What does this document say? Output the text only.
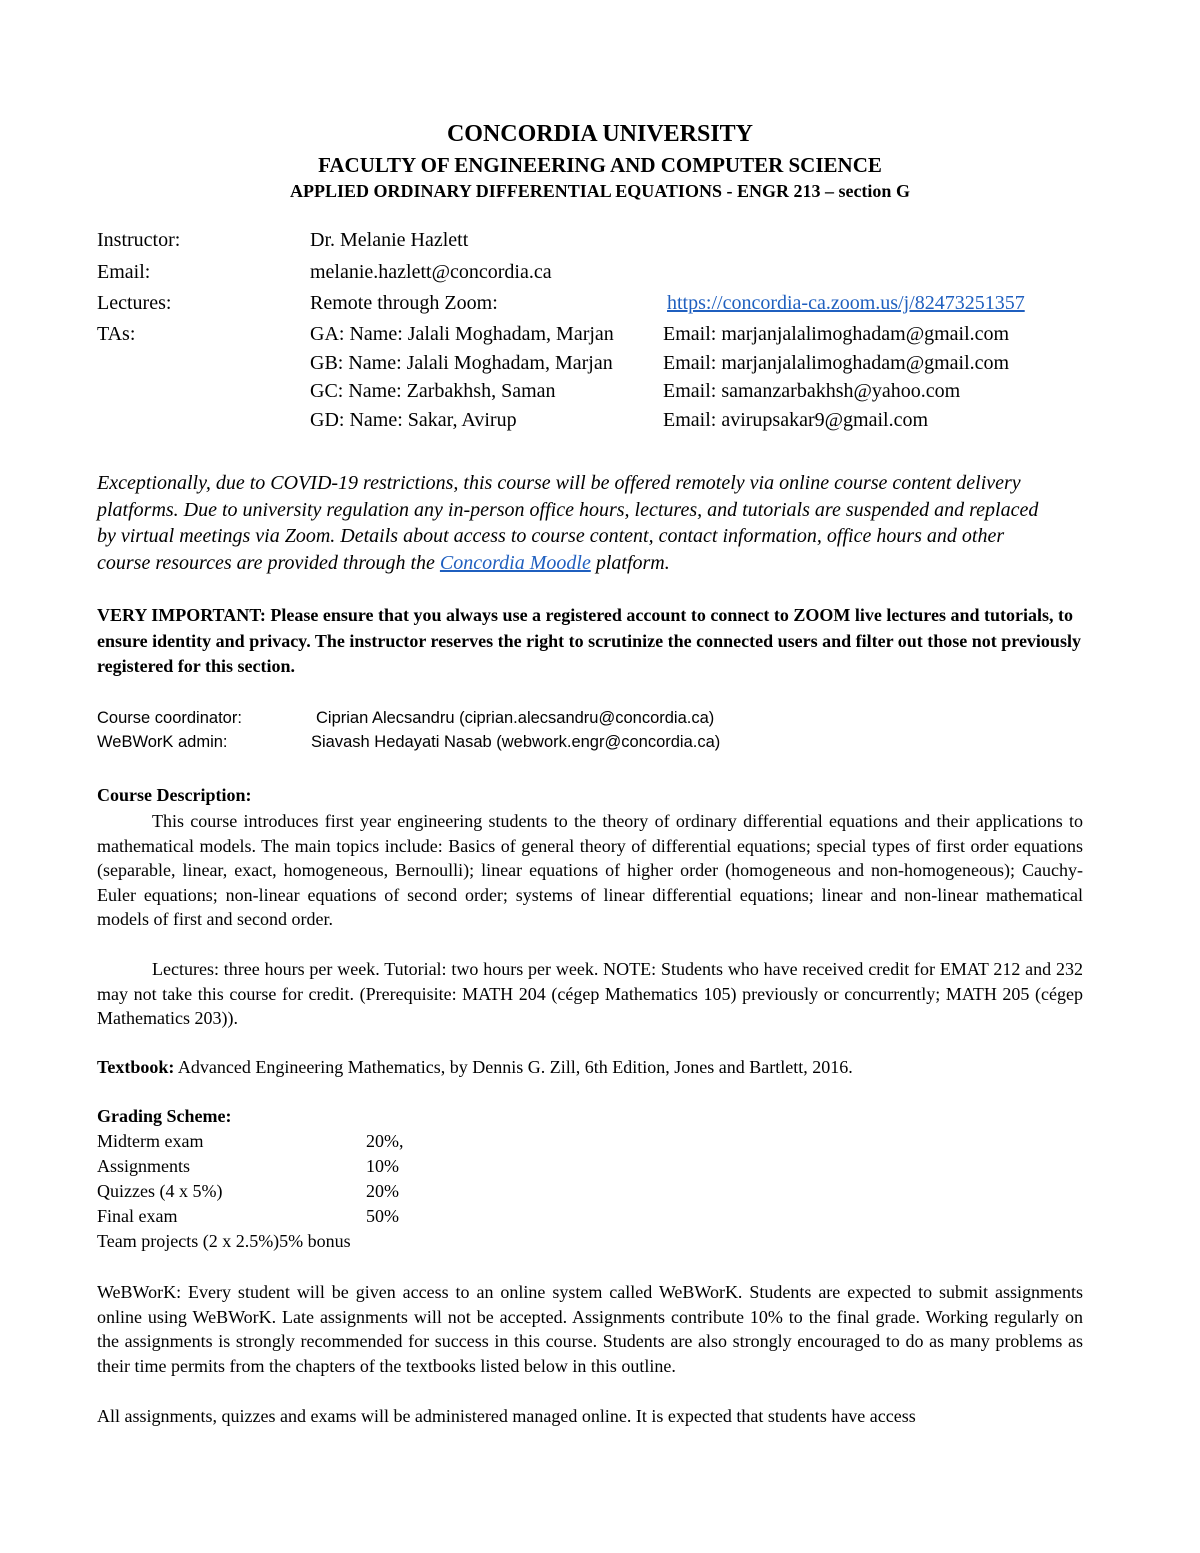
CONCORDIA UNIVERSITY
FACULTY OF ENGINEERING AND COMPUTER SCIENCE
APPLIED ORDINARY DIFFERENTIAL EQUATIONS - ENGR 213 – section G
Instructor:	Dr. Melanie Hazlett
Email:	melanie.hazlett@concordia.ca
Lectures:	Remote through Zoom:	https://concordia-ca.zoom.us/j/82473251357
TAs:	GA: Name: Jalali Moghadam, Marjan Email: marjanjalalimoghadam@gmail.com
GB: Name: Jalali Moghadam, Marjan	Email: marjanjalalimoghadam@gmail.com
GC: Name: Zarbakhsh, Saman	Email: samanzarbakhsh@yahoo.com
GD: Name: Sakar, Avirup	Email: avirupsakar9@gmail.com
Exceptionally, due to COVID-19 restrictions, this course will be offered remotely via online course content delivery platforms. Due to university regulation any in-person office hours, lectures, and tutorials are suspended and replaced by virtual meetings via Zoom. Details about access to course content, contact information, office hours and other course resources are provided through the Concordia Moodle platform.
VERY IMPORTANT: Please ensure that you always use a registered account to connect to ZOOM live lectures and tutorials, to ensure identity and privacy. The instructor reserves the right to scrutinize the connected users and filter out those not previously registered for this section.
Course coordinator:	Ciprian Alecsandru (ciprian.alecsandru@concordia.ca)
WeBWorK admin:	Siavash Hedayati Nasab (webwork.engr@concordia.ca)
Course Description:
This course introduces first year engineering students to the theory of ordinary differential equations and their applications to mathematical models. The main topics include: Basics of general theory of differential equations; special types of first order equations (separable, linear, exact, homogeneous, Bernoulli); linear equations of higher order (homogeneous and non-homogeneous); Cauchy-Euler equations; non-linear equations of second order; systems of linear differential equations; linear and non-linear mathematical models of first and second order.
Lectures: three hours per week. Tutorial: two hours per week. NOTE: Students who have received credit for EMAT 212 and 232 may not take this course for credit. (Prerequisite: MATH 204 (cégep Mathematics 105) previously or concurrently; MATH 205 (cégep Mathematics 203)).
Textbook: Advanced Engineering Mathematics, by Dennis G. Zill, 6th Edition, Jones and Bartlett, 2016.
Grading Scheme:
Midterm exam	20%,
Assignments	10%
Quizzes (4 x 5%)	20%
Final exam	50%
Team projects (2 x 2.5%)5% bonus
WeBWorK: Every student will be given access to an online system called WeBWorK. Students are expected to submit assignments online using WeBWorK. Late assignments will not be accepted. Assignments contribute 10% to the final grade. Working regularly on the assignments is strongly recommended for success in this course. Students are also strongly encouraged to do as many problems as their time permits from the chapters of the textbooks listed below in this outline.
All assignments, quizzes and exams will be administered managed online. It is expected that students have access
